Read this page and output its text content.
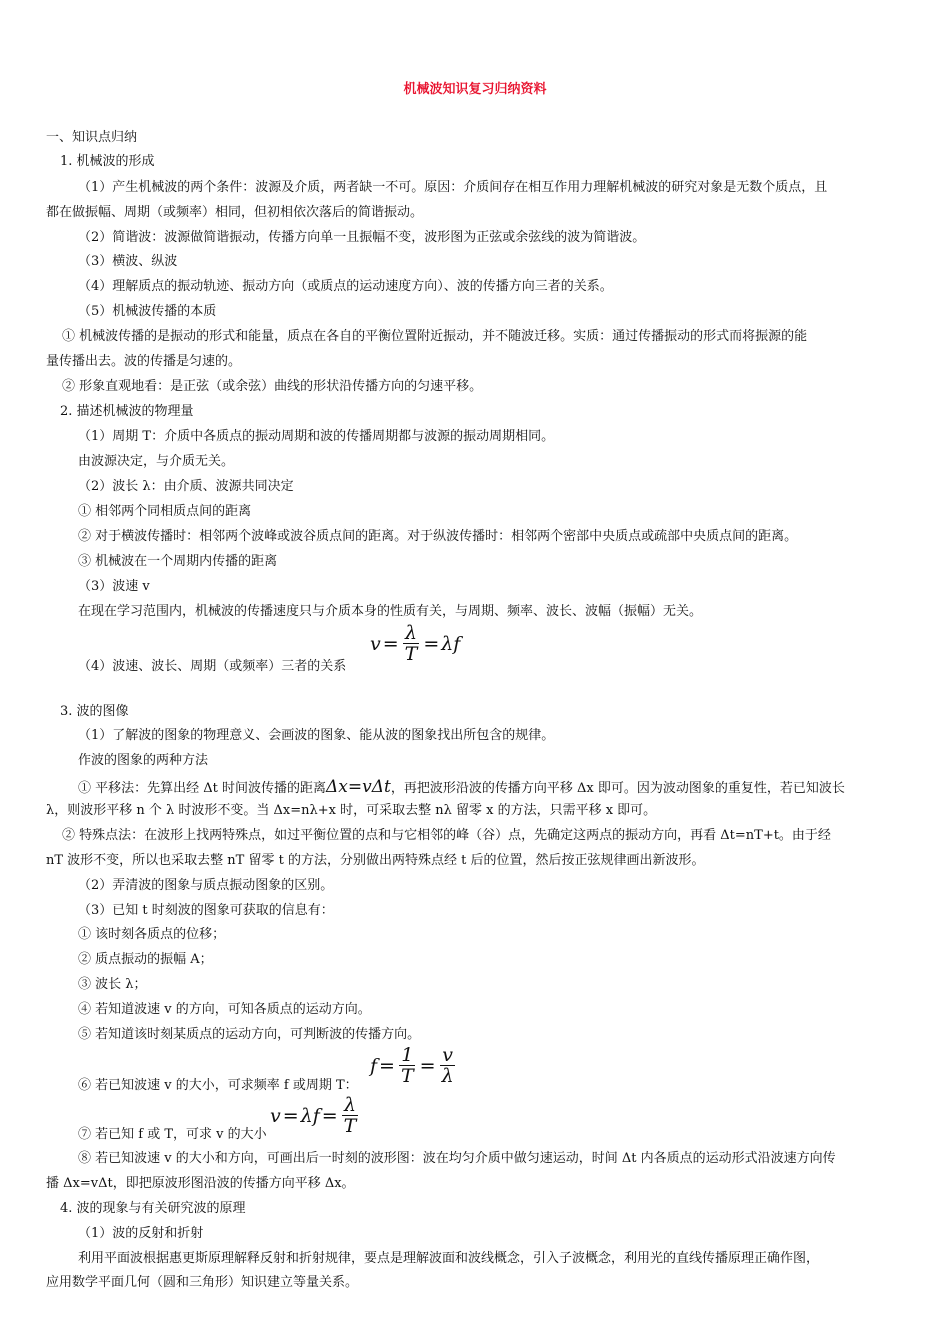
机械波知识复习归纳资料
一、知识点归纳
1. 机械波的形成
（1）产生机械波的两个条件：波源及介质，两者缺一不可。原因：介质间存在相互作用力理解机械波的研究对象是无数个质点，且
都在做振幅、周期（或频率）相同，但初相依次落后的简谐振动。
（2）简谐波：波源做简谐振动，传播方向单一且振幅不变，波形图为正弦或余弦线的波为简谐波。
（3）横波、纵波
（4）理解质点的振动轨迹、振动方向（或质点的运动速度方向）、波的传播方向三者的关系。
（5）机械波传播的本质
① 机械波传播的是振动的形式和能量，质点在各自的平衡位置附近振动，并不随波迁移。实质：通过传播振动的形式而将振源的能
量传播出去。波的传播是匀速的。
② 形象直观地看：是正弦（或余弦）曲线的形状沿传播方向的匀速平移。
2. 描述机械波的物理量
（1）周期 T：介质中各质点的振动周期和波的传播周期都与波源的振动周期相同。
由波源决定，与介质无关。
（2）波长 λ：由介质、波源共同决定
① 相邻两个同相质点间的距离
② 对于横波传播时：相邻两个波峰或波谷质点间的距离。对于纵波传播时：相邻两个密部中央质点或疏部中央质点间的距离。
③ 机械波在一个周期内传播的距离
（3）波速 v
在现在学习范围内，机械波的传播速度只与介质本身的性质有关，与周期、频率、波长、波幅（振幅）无关。
（4）波速、波长、周期（或频率）三者的关系
$v = \frac{\lambda}{T} = \lambda f$
3. 波的图像
（1）了解波的图象的物理意义、会画波的图象、能从波的图象找出所包含的规律。
作波的图象的两种方法
① 平移法：先算出经 Δt 时间波传播的距离Δx=vΔt，再把波形沿波的传播方向平移 Δx 即可。因为波动图象的重复性，若已知波长
λ，则波形平移 n 个 λ 时波形不变。当 Δx=nλ+x 时，可采取去整 nλ 留零 x 的方法，只需平移 x 即可。
② 特殊点法：在波形上找两特殊点，如过平衡位置的点和与它相邻的峰（谷）点，先确定这两点的振动方向，再看 Δt=nT+t。由于经
nT 波形不变，所以也采取去整 nT 留零 t 的方法，分别做出两特殊点经 t 后的位置，然后按正弦规律画出新波形。
（2）弄清波的图象与质点振动图象的区别。
（3）已知 t 时刻波的图象可获取的信息有：
① 该时刻各质点的位移；
② 质点振动的振幅 A；
③ 波长 λ；
④ 若知道波速 v 的方向，可知各质点的运动方向。
⑤ 若知道该时刻某质点的运动方向，可判断波的传播方向。
⑥ 若已知波速 v 的大小，可求频率 f 或周期 T：
$f = \frac{1}{T} = \frac{v}{\lambda}$
⑦ 若已知 f 或 T，可求 v 的大小
$v = \lambda f = \frac{\lambda}{T}$
⑧ 若已知波速 v 的大小和方向，可画出后一时刻的波形图：波在均匀介质中做匀速运动，时间 Δt 内各质点的运动形式沿波速方向传
播 Δx=vΔt，即把原波形图沿波的传播方向平移 Δx。
4. 波的现象与有关研究波的原理
（1）波的反射和折射
利用平面波根据惠更斯原理解释反射和折射规律，要点是理解波面和波线概念，引入子波概念，利用光的直线传播原理正确作图，
应用数学平面几何（圆和三角形）知识建立等量关系。
